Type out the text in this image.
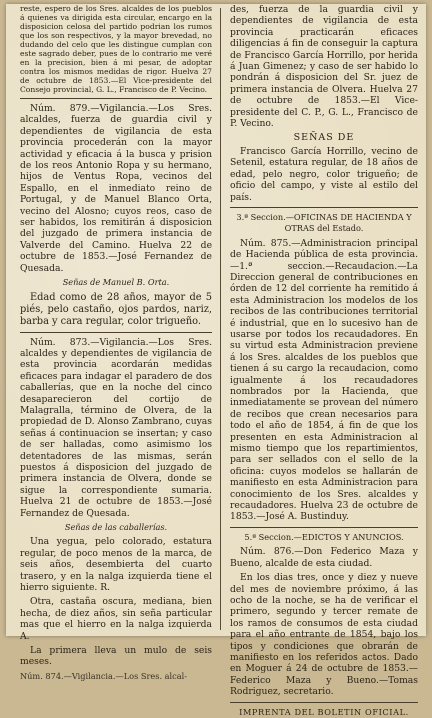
reste, espero de los Sres. alcaldes de los pueblos á quienes va dirigida esta circular, encargo en la disposicion celosa del partido podrian los rumos que los son respectivos, y la mayor brevedad, no dudando del celo que les distingue cumplan con este sagrado deber, pues de lo contrario me veré en la precision, bien á mi pesar, de adoptar contra los mismos medidas de rigor. Huelva 27 de octubre de 1853.—El Vice-presidente del Consejo provincial, G. L., Francisco de P. Vecino.

Núm. 879.—Vigilancia.—Los Sres. alcaldes, fuerza de guardia civil y dependientes de vigilancia de esta provincia procederán con la mayor actividad y eficacia á la busca y prision de los reos Antonio Ropa y su hermano, hijos de Ventus Ropa, vecinos del Espallo, en el inmediato reino de Portugal, y de Manuel Blanco Orta, vecino del Alosno; cuyos reos, caso de ser habidos, los remitirán á disposicion del juzgado de primera instancia de Valverde del Camino. Huelva 22 de octubre de 1853.—José Fernandez de Quesada.

Señas de Manuel B. Orta.

Edad como de 28 años, mayor de 5 piés, pelo castaño, ojos pardos, nariz, barba y cara regular, color trigueño.

Núm. 873.—Vigilancia.—Los Sres. alcaldes y dependientes de vigilancia de esta provincia acordarán medidas eficaces para indagar el paradero de dos caballerías, que en la noche del cinco desaparecieron del cortijo de Malagralla, término de Olvera, de la propiedad de D. Alonso Zambrano, cuyas señas á continuacion se insertan; y caso de ser halladas, como asimismo los detentadores de las mismas, serán puestos á disposicion del juzgado de primera instancia de Olvera, donde se sigue la correspondiente sumaria. Huelva 21 de octubre de 1853.—José Fernandez de Quesada.

Señas de las caballerías.

Una yegua, pelo colorado, estatura regular, de poco menos de la marca, de seis años, desembierta del cuarto trasero, y en la nalga izquierda tiene el hierro siguiente. R.

Otra, castaña oscura, mediana, bien hecha, de diez años, sin seña particular mas que el hierro en la nalga izquierda A.

La primera lleva un mulo de seis meses.

Núm. 874.—Vigilancia.—Los Sres. alcal-

des, fuerza de la guardia civil y dependientes de vigilancia de esta provincia practicarán eficaces diligencias á fin de conseguir la captura de Francisco García Horrillo, por herida á Juan Gimenez; y caso de ser habido lo pondrán á disposicion del Sr. juez de primera instancia de Olvera. Huelva 27 de octubre de 1853.—El Vice-presidente del C. P., G. L., Francisco de P. Vecino.

SEÑAS DE

Francisco García Horrillo, vecino de Setenil, estatura regular, de 18 años de edad, pelo negro, color trigueño; de oficio del campo, y viste al estilo del país.

3.ª Seccion.—OFICINAS DE HACIENDA Y OTRAS del Estado.

Núm. 875.—Administracion principal de Hacienda pública de esta provincia.—1.ª seccion.—Recaudacion.—La Direccion general de contribuciones en órden de 12 del corriente ha remitido á esta Administracion los modelos de los recibos de las contribuciones territorial é industrial, que en lo sucesivo han de usarse por todos los recaudadores. En su virtud esta Administracion previene á los Sres. alcaldes de los pueblos que tienen á su cargo la recaudacion, como igualmente á los recaudadores nombrados por la Hacienda, que inmediatamente se provean del número de recibos que crean necesarios para todo el año de 1854, á fin de que los presenten en esta Administracion al mismo tiempo que los repartimientos, para ser sellados con el sello de la oficina: cuyos modelos se hallarán de manifiesto en esta Administracion para conocimiento de los Sres. alcaldes y recaudadores. Huelva 23 de octubre de 1853.—José A. Bustinduy.

5.ª Seccion.—EDICTOS Y ANUNCIOS.

Núm. 876.—Don Federico Maza y Bueno, alcalde de esta ciudad.

En los dias tres, once y diez y nueve del mes de noviembre próximo, á las ocho de la noche, se ha de verificar el primero, segundo y tercer remate de los ramos de consumos de esta ciudad para el año entrante de 1854, bajo los tipos y condiciones que obrarán de manifiesto en los referidos actos. Dado en Moguer á 24 de octubre de 1853.—Federico Maza y Bueno.—Tomas Rodriguez, secretario.

IMPRENTA DEL BOLETIN OFICIAL.
